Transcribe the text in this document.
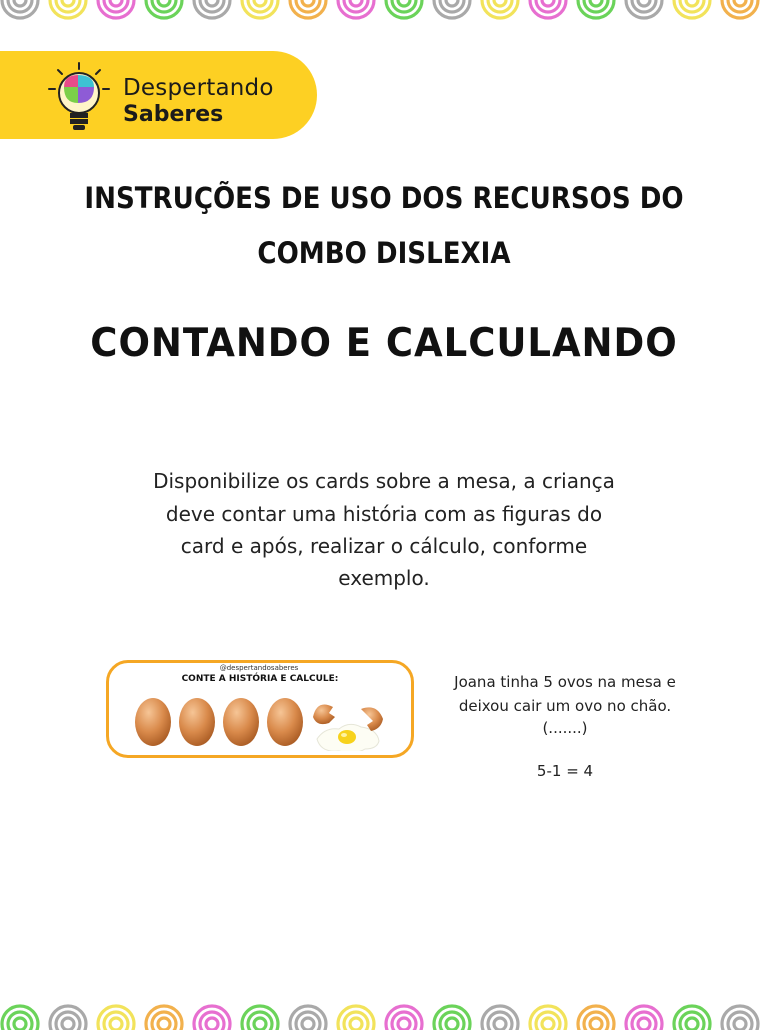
Despertando
Saberes
INSTRUÇÕES DE USO DOS RECURSOS DO
COMBO DISLEXIA
CONTANDO E CALCULANDO
Disponibilize os cards sobre a mesa, a criança
deve contar uma história com as figuras do
card e após, realizar o cálculo, conforme
exemplo.
@despertandosaberes
CONTE A HISTÓRIA E CALCULE:	Joana tinha 5 ovos na mesa e
deixou cair um ovo no chão.
(.......)
5-1 = 4
